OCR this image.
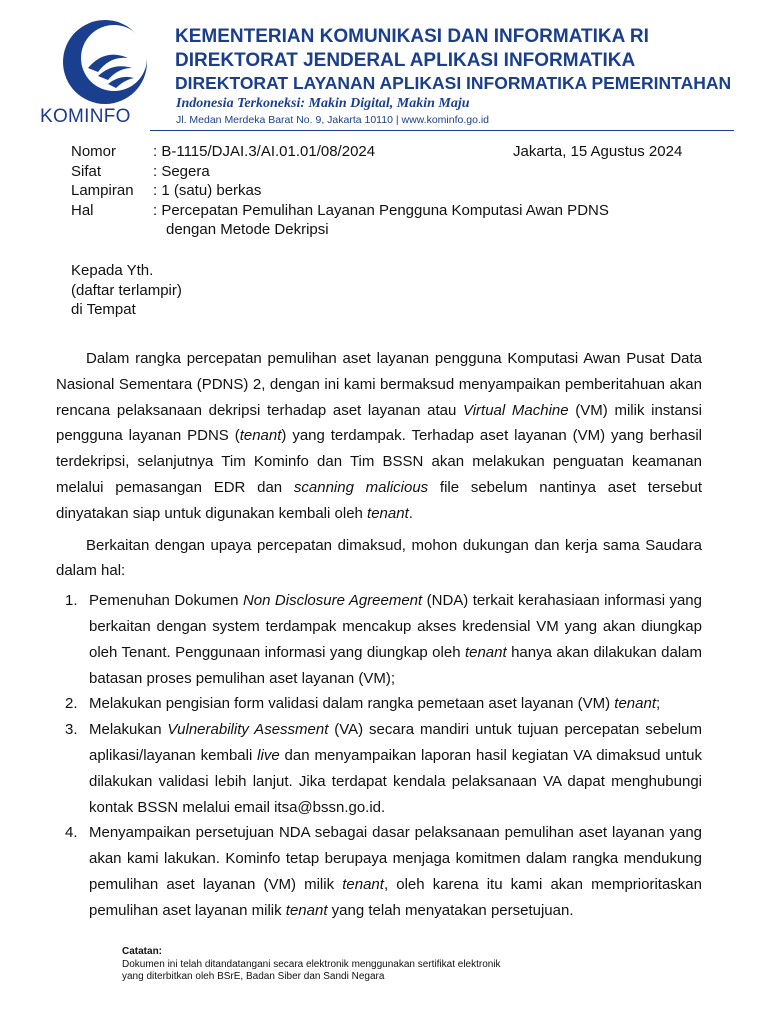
KOMINFO
KEMENTERIAN KOMUNIKASI DAN INFORMATIKA RI
DIREKTORAT JENDERAL APLIKASI INFORMATIKA
DIREKTORAT LAYANAN APLIKASI INFORMATIKA PEMERINTAHAN
Indonesia Terkoneksi: Makin Digital, Makin Maju
Jl. Medan Merdeka Barat No. 9, Jakarta 10110 | www.kominfo.go.id
Nomor : B-1115/DJAI.3/AI.01.01/08/2024	Jakarta, 15 Agustus 2024
Sifat	: Segera
Lampiran : 1 (satu) berkas
Hal	: Percepatan Pemulihan Layanan Pengguna Komputasi Awan PDNS
dengan Metode Dekripsi
Kepada Yth.
(daftar terlampir)
di Tempat

Dalam rangka percepatan pemulihan aset layanan pengguna Komputasi Awan Pusat Data Nasional Sementara (PDNS) 2, dengan ini kami bermaksud menyampaikan pemberitahuan akan rencana pelaksanaan dekripsi terhadap aset layanan atau Virtual Machine (VM) milik instansi pengguna layanan PDNS (tenant) yang terdampak. Terhadap aset layanan (VM) yang berhasil terdekripsi, selanjutnya Tim Kominfo dan Tim BSSN akan melakukan penguatan keamanan melalui pemasangan EDR dan scanning malicious file sebelum nantinya aset tersebut dinyatakan siap untuk digunakan kembali oleh tenant.

Berkaitan dengan upaya percepatan dimaksud, mohon dukungan dan kerja sama Saudara dalam hal:

1. Pemenuhan Dokumen Non Disclosure Agreement (NDA) terkait kerahasiaan informasi yang berkaitan dengan system terdampak mencakup akses kredensial VM yang akan diungkap oleh Tenant. Penggunaan informasi yang diungkap oleh tenant hanya akan dilakukan dalam batasan proses pemulihan aset layanan (VM);
2. Melakukan pengisian form validasi dalam rangka pemetaan aset layanan (VM) tenant;
3. Melakukan Vulnerability Asessment (VA) secara mandiri untuk tujuan percepatan sebelum aplikasi/layanan kembali live dan menyampaikan laporan hasil kegiatan VA dimaksud untuk dilakukan validasi lebih lanjut. Jika terdapat kendala pelaksanaan VA dapat menghubungi kontak BSSN melalui email itsa@bssn.go.id.
4. Menyampaikan persetujuan NDA sebagai dasar pelaksanaan pemulihan aset layanan yang akan kami lakukan. Kominfo tetap berupaya menjaga komitmen dalam rangka mendukung pemulihan aset layanan (VM) milik tenant, oleh karena itu kami akan memprioritaskan pemulihan aset layanan milik tenant yang telah menyatakan persetujuan.
Catatan:
Dokumen ini telah ditandatangani secara elektronik menggunakan sertifikat elektronik
yang diterbitkan oleh BSrE, Badan Siber dan Sandi Negara
